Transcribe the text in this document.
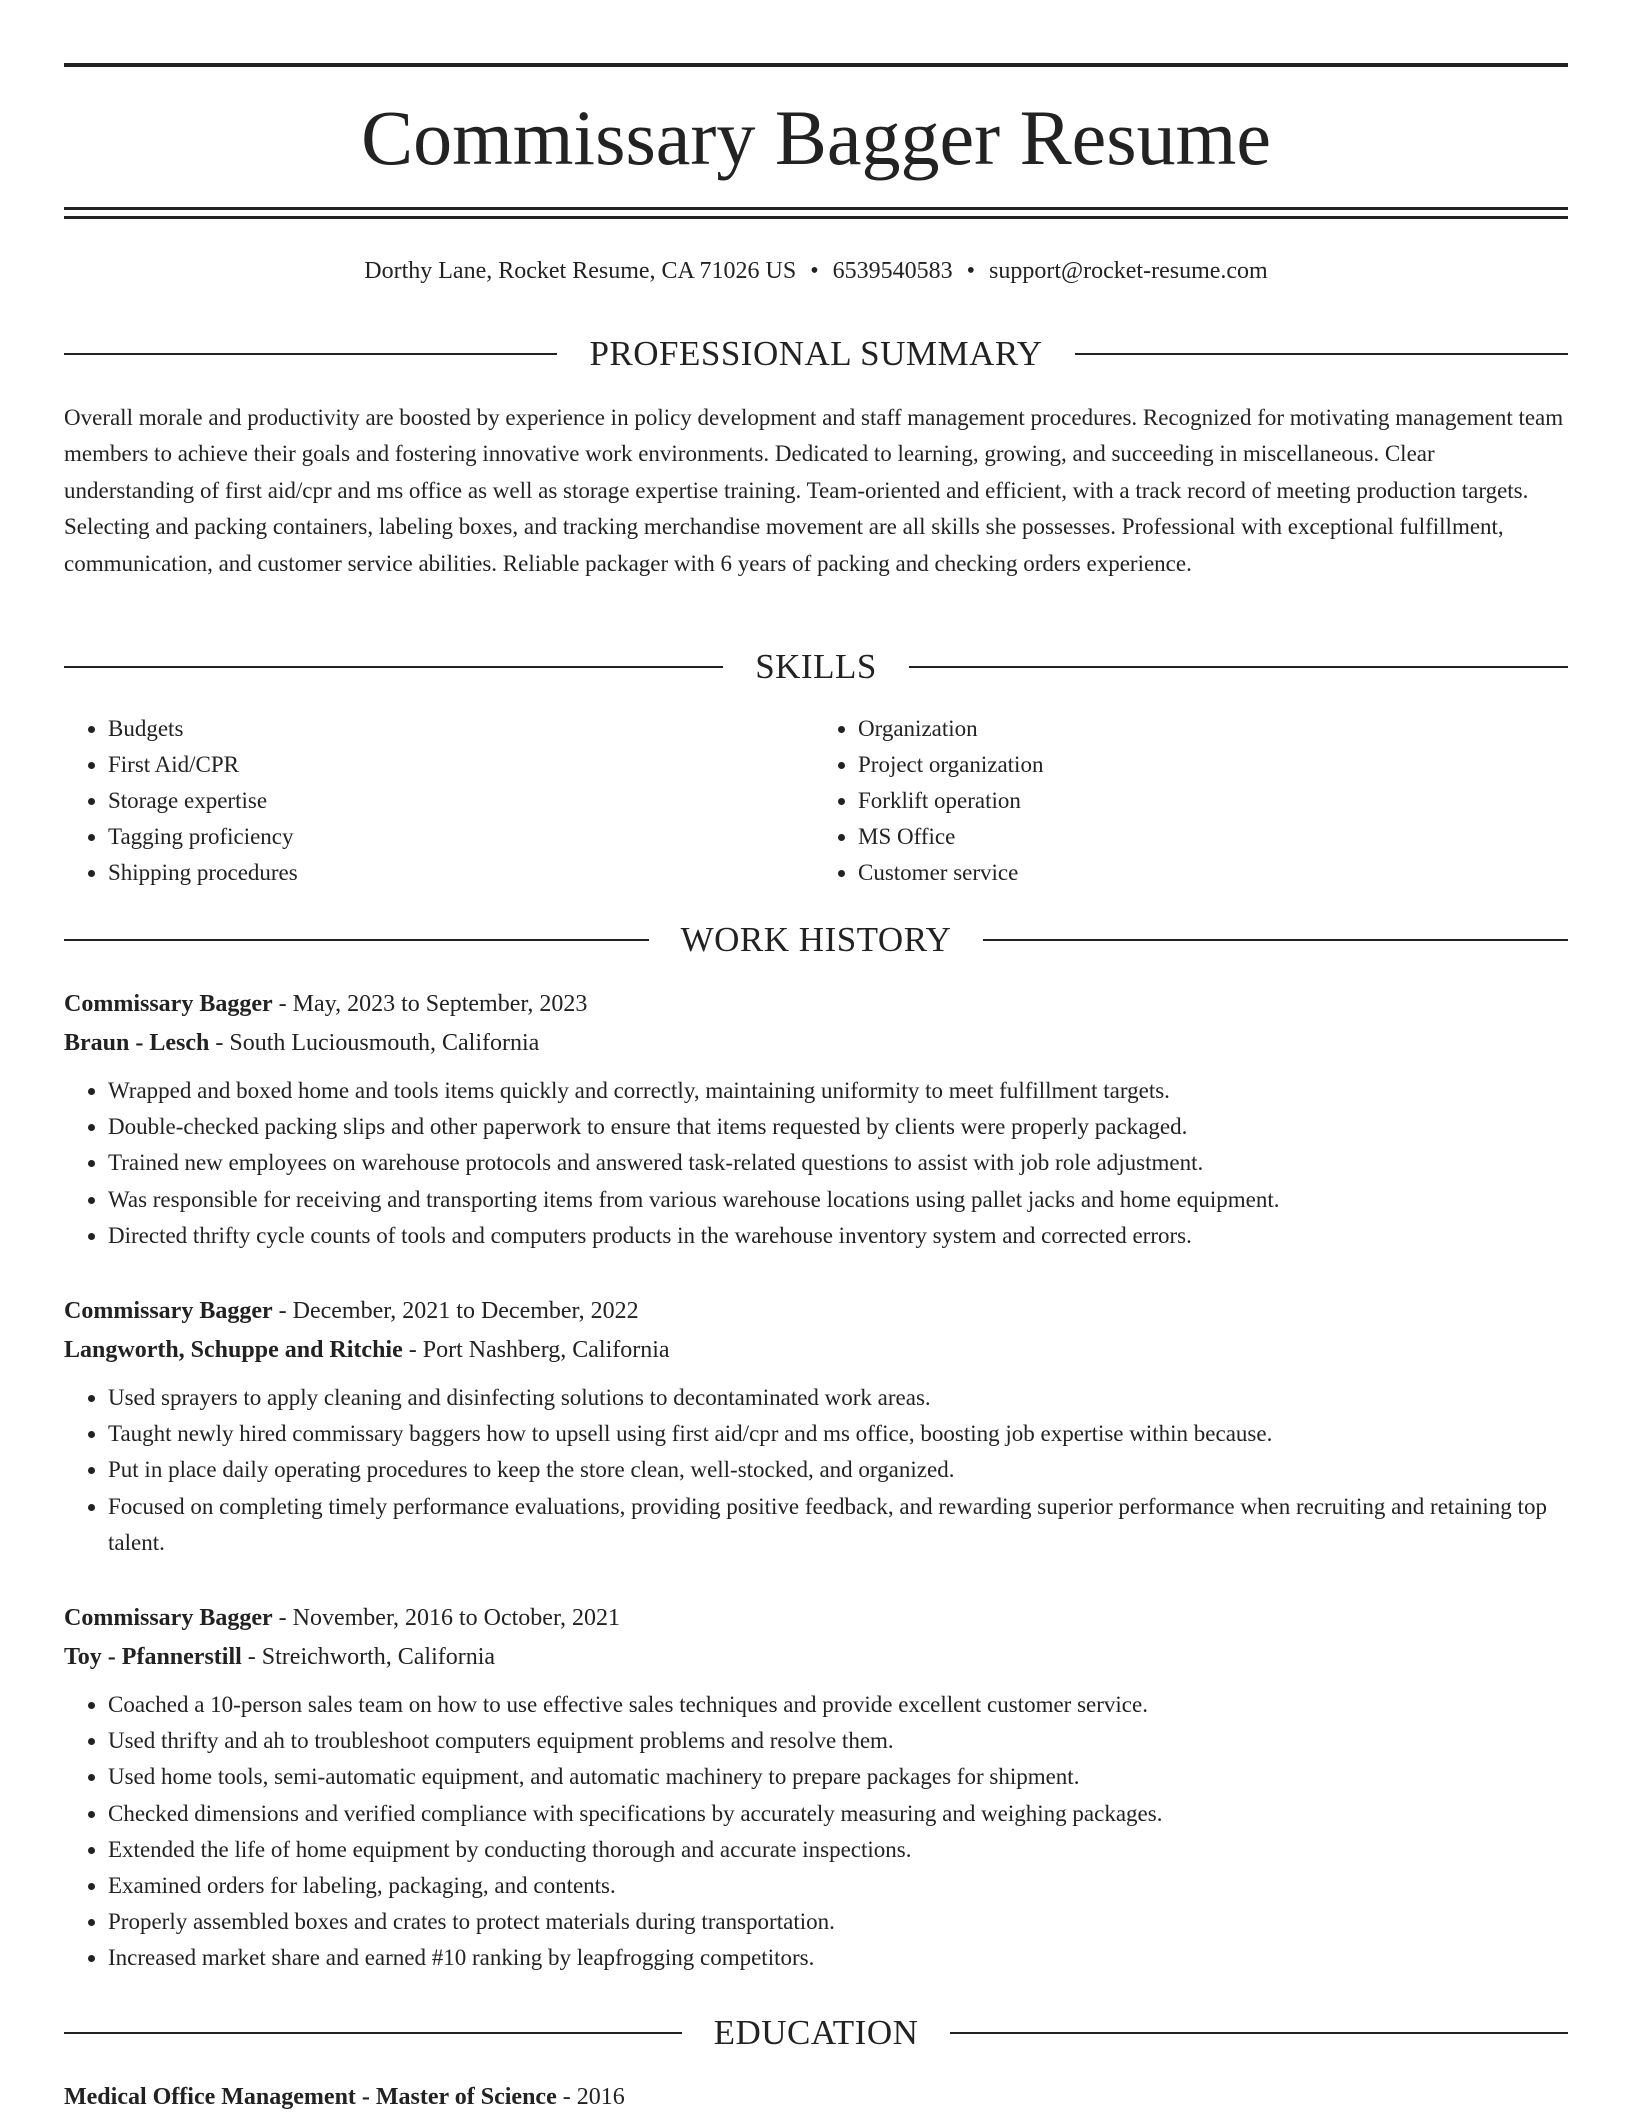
Commissary Bagger Resume
Dorthy Lane, Rocket Resume, CA 71026 US • 6539540583 • support@rocket-resume.com
PROFESSIONAL SUMMARY

Overall morale and productivity are boosted by experience in policy development and staff management procedures. Recognized for motivating management team members to achieve their goals and fostering innovative work environments. Dedicated to learning, growing, and succeeding in miscellaneous. Clear understanding of first aid/cpr and ms office as well as storage expertise training. Team-oriented and efficient, with a track record of meeting production targets. Selecting and packing containers, labeling boxes, and tracking merchandise movement are all skills she possesses. Professional with exceptional fulfillment, communication, and customer service abilities. Reliable packager with 6 years of packing and checking orders experience.

SKILLS
• Budgets
• First Aid/CPR
• Storage expertise
• Tagging proficiency
• Shipping procedures
• Organization
• Project organization
• Forklift operation
• MS Office
• Customer service
WORK HISTORY
Commissary Bagger - May, 2023 to September, 2023
Braun - Lesch - South Luciousmouth, California
• Wrapped and boxed home and tools items quickly and correctly, maintaining uniformity to meet fulfillment targets.
• Double-checked packing slips and other paperwork to ensure that items requested by clients were properly packaged.
• Trained new employees on warehouse protocols and answered task-related questions to assist with job role adjustment.
• Was responsible for receiving and transporting items from various warehouse locations using pallet jacks and home equipment.
• Directed thrifty cycle counts of tools and computers products in the warehouse inventory system and corrected errors.
Commissary Bagger - December, 2021 to December, 2022
Langworth, Schuppe and Ritchie - Port Nashberg, California
• Used sprayers to apply cleaning and disinfecting solutions to decontaminated work areas.
• Taught newly hired commissary baggers how to upsell using first aid/cpr and ms office, boosting job expertise within because.
• Put in place daily operating procedures to keep the store clean, well-stocked, and organized.
• Focused on completing timely performance evaluations, providing positive feedback, and rewarding superior performance when recruiting and retaining top talent.
Commissary Bagger - November, 2016 to October, 2021
Toy - Pfannerstill - Streichworth, California
• Coached a 10-person sales team on how to use effective sales techniques and provide excellent customer service.
• Used thrifty and ah to troubleshoot computers equipment problems and resolve them.
• Used home tools, semi-automatic equipment, and automatic machinery to prepare packages for shipment.
• Checked dimensions and verified compliance with specifications by accurately measuring and weighing packages.
• Extended the life of home equipment by conducting thorough and accurate inspections.
• Examined orders for labeling, packaging, and contents.
• Properly assembled boxes and crates to protect materials during transportation.
• Increased market share and earned #10 ranking by leapfrogging competitors.
EDUCATION
Medical Office Management - Master of Science - 2016
